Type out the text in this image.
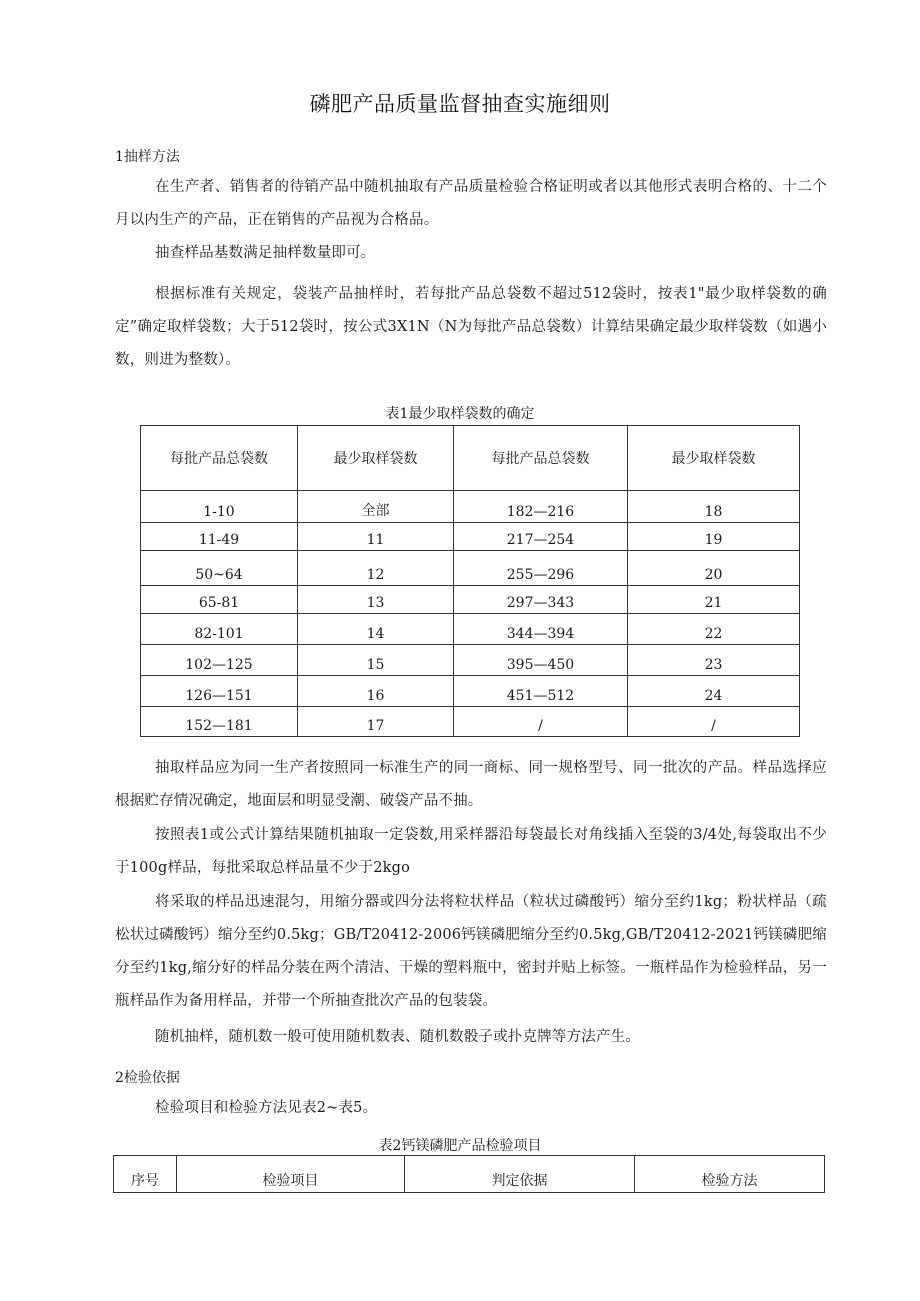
磷肥产品质量监督抽查实施细则
1抽样方法
在生产者、销售者的待销产品中随机抽取有产品质量检验合格证明或者以其他形式表明合格的、十二个月以内生产的产品，正在销售的产品视为合格品。
抽查样品基数满足抽样数量即可。
根据标准有关规定，袋装产品抽样时，若每批产品总袋数不超过512袋时，按表1"最少取样袋数的确定”确定取样袋数；大于512袋时，按公式3X1N（N为每批产品总袋数）计算结果确定最少取样袋数（如遇小数，则进为整数）。
表1最少取样袋数的确定
每批产品总袋数	最少取样袋数	每批产品总袋数	最少取样袋数
1-10	全部	182—216	18
11-49	11	217—254	19
50~64	12	255—296	20
65-81	13	297—343	21
82-101	14	344—394	22
102—125	15	395—450	23
126—151	16	451—512	24
152—181	17	/	/
抽取样品应为同一生产者按照同一标准生产的同一商标、同一规格型号、同一批次的产品。样品选择应根据贮存情况确定，地面层和明显受潮、破袋产品不抽。
按照表1或公式计算结果随机抽取一定袋数,用采样器沿每袋最长对角线插入至袋的3/4处,每袋取出不少于100g样品，每批采取总样品量不少于2kgo
将采取的样品迅速混匀，用缩分器或四分法将粒状样品（粒状过磷酸钙）缩分至约1kg；粉状样品（疏松状过磷酸钙）缩分至约0.5kg；GB/T20412-2006钙镁磷肥缩分至约0.5kg,GB/T20412-2021钙镁磷肥缩分至约1kg,缩分好的样品分装在两个清洁、干燥的塑料瓶中，密封并贴上标签。一瓶样品作为检验样品，另一瓶样品作为备用样品，并带一个所抽查批次产品的包装袋。
随机抽样，随机数一般可使用随机数表、随机数骰子或扑克牌等方法产生。
2检验依据
检验项目和检验方法见表2~表5。
表2钙镁磷肥产品检验项目
序号	检验项目	判定依据	检验方法
